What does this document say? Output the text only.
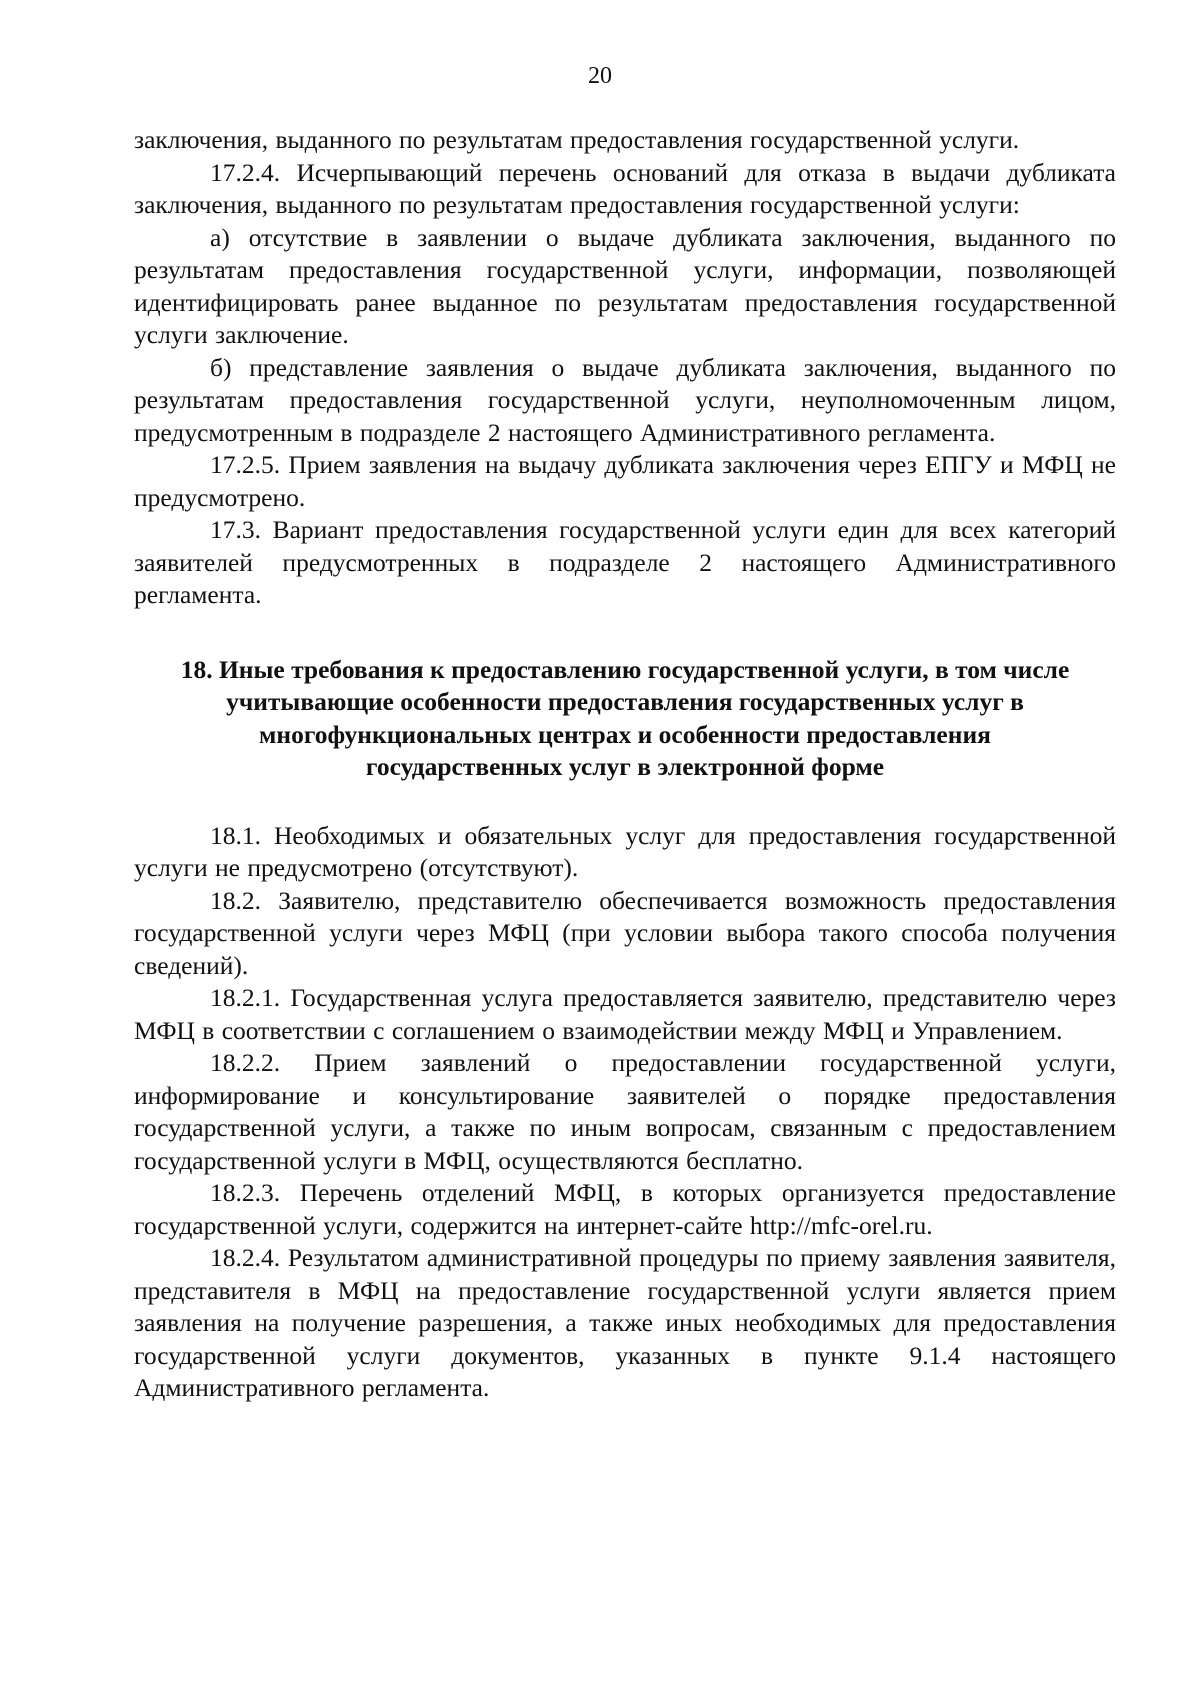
20

заключения, выданного по результатам предоставления государственной услуги.

17.2.4. Исчерпывающий перечень оснований для отказа в выдачи дубликата заключения, выданного по результатам предоставления государственной услуги:

а) отсутствие в заявлении о выдаче дубликата заключения, выданного по результатам предоставления государственной услуги, информации, позволяющей идентифицировать ранее выданное по результатам предоставления государственной услуги заключение.

б) представление заявления о выдаче дубликата заключения, выданного по результатам предоставления государственной услуги, неуполномоченным лицом, предусмотренным в подразделе 2 настоящего Административного регламента.

17.2.5. Прием заявления на выдачу дубликата заключения через ЕПГУ и МФЦ не предусмотрено.

17.3. Вариант предоставления государственной услуги един для всех категорий заявителей предусмотренных в подразделе 2 настоящего Административного регламента.

18. Иные требования к предоставлению государственной услуги, в том числе учитывающие особенности предоставления государственных услуг в многофункциональных центрах и особенности предоставления государственных услуг в электронной форме

18.1. Необходимых и обязательных услуг для предоставления государственной услуги не предусмотрено (отсутствуют).

18.2. Заявителю, представителю обеспечивается возможность предоставления государственной услуги через МФЦ (при условии выбора такого способа получения сведений).

18.2.1. Государственная услуга предоставляется заявителю, представителю через МФЦ в соответствии с соглашением о взаимодействии между МФЦ и Управлением.

18.2.2. Прием заявлений о предоставлении государственной услуги, информирование и консультирование заявителей о порядке предоставления государственной услуги, а также по иным вопросам, связанным с предоставлением государственной услуги в МФЦ, осуществляются бесплатно.

18.2.3. Перечень отделений МФЦ, в которых организуется предоставление государственной услуги, содержится на интернет-сайте http://mfc-orel.ru.

18.2.4. Результатом административной процедуры по приему заявления заявителя, представителя в МФЦ на предоставление государственной услуги является прием заявления на получение разрешения, а также иных необходимых для предоставления государственной услуги документов, указанных в пункте 9.1.4 настоящего Административного регламента.
